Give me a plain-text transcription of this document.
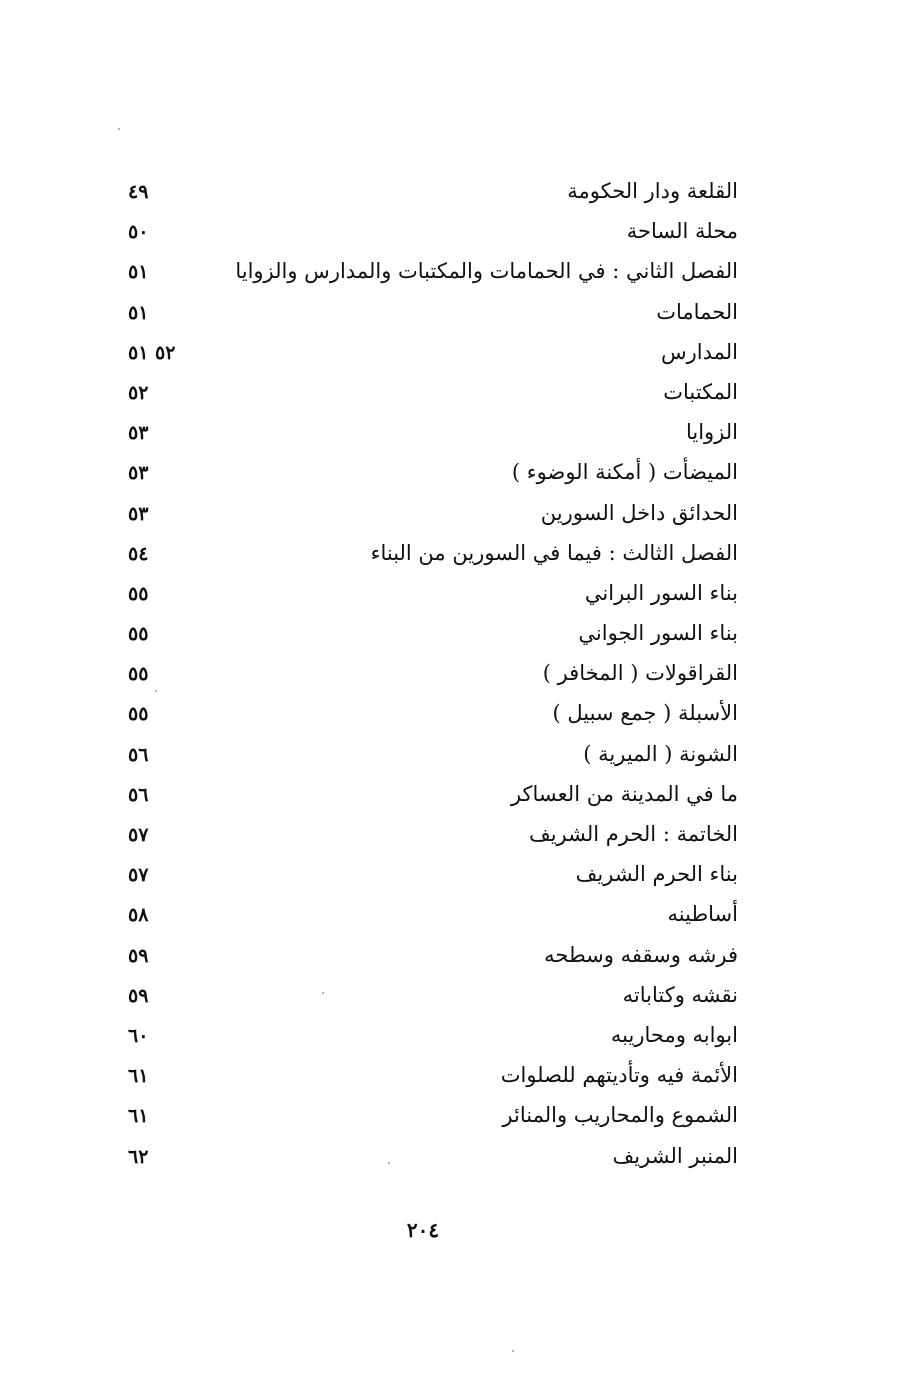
القلعة ودار الحكومة
٤٩
محلة الساحة
٥٠
الفصل الثاني : في الحمامات والمكتبات والمدارس والزوايا
٥١
الحمامات
٥١
المدارس
٥٢ ٥١
المكتبات
٥٢
الزوايا
٥٣
الميضأت ( أمكنة الوضوء )
٥٣
الحدائق داخل السورين
٥٣
الفصل الثالث : فيما في السورين من البناء
٥٤
بناء السور البراني
٥٥
بناء السور الجواني
٥٥
القراقولات ( المخافر )
٥٥
الأسبلة ( جمع سبيل )
٥٥
الشونة ( الميرية )
٥٦
ما في المدينة من العساكر
٥٦
الخاتمة : الحرم الشريف
٥٧
بناء الحرم الشريف
٥٧
أساطينه
٥٨
فرشه وسقفه وسطحه
٥٩
نقشه وكتاباته
٥٩
ابوابه ومحاريبه
٦٠
الأئمة فيه وتأديتهم للصلوات
٦١
الشموع والمحاريب والمنائر
٦١
المنبر الشريف
٦٢
٢٠٤
